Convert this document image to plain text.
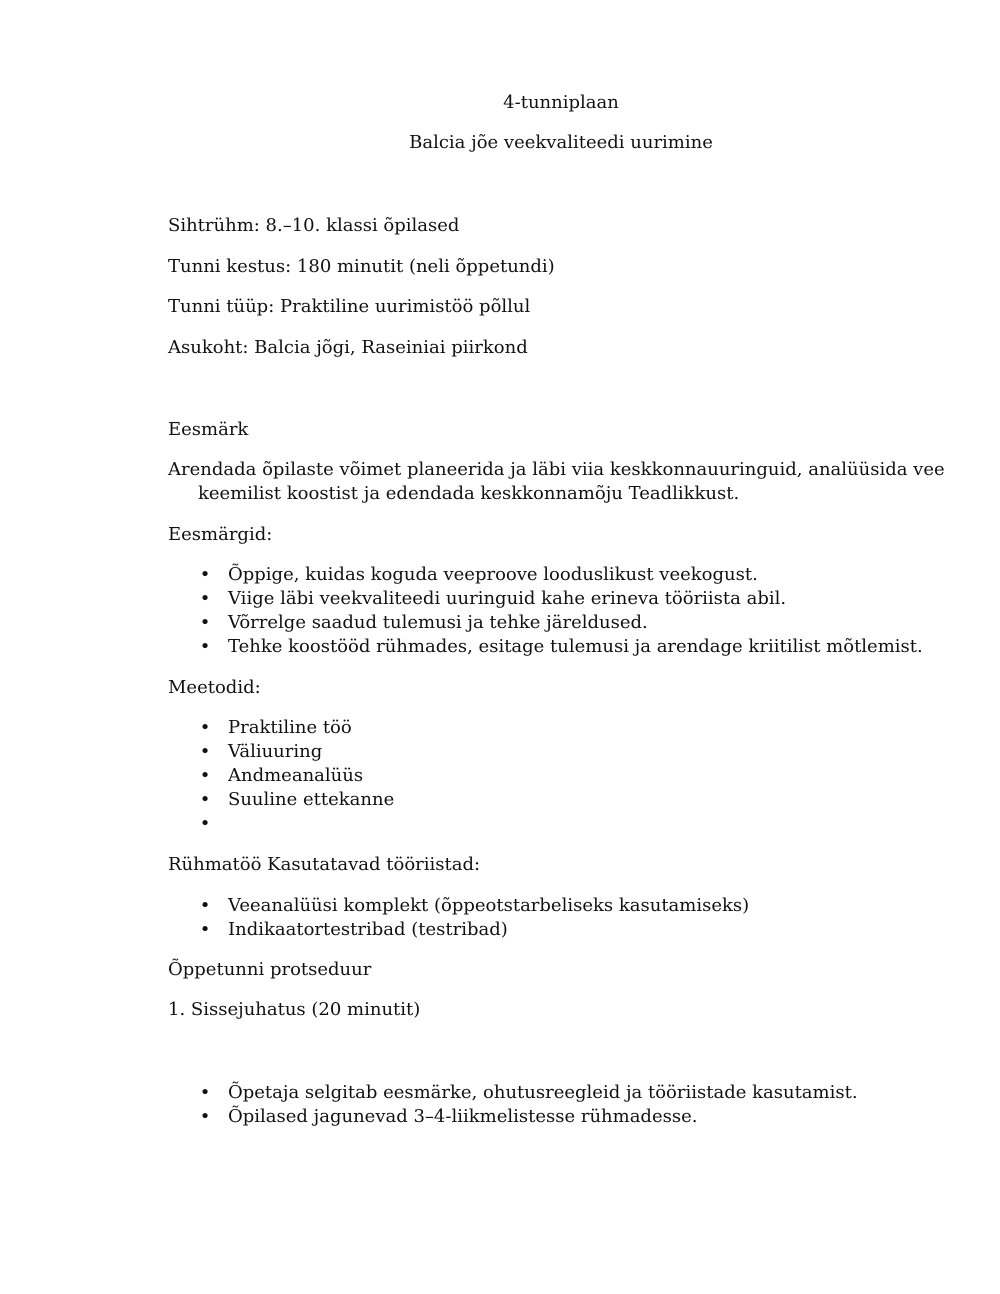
4-tunniplaan
Balcia jõe veekvaliteedi uurimine
Sihtrühm: 8.–10. klassi õpilased
Tunni kestus: 180 minutit (neli õppetundi)
Tunni tüüp: Praktiline uurimistöö põllul
Asukoht: Balcia jõgi, Raseiniai piirkond
Eesmärk
Arendada õpilaste võimet planeerida ja läbi viia keskkonnauuringuid, analüüsida vee keemilist koostist ja edendada keskkonnamõju Teadlikkust.
Eesmärgid:
• Õppige, kuidas koguda veeproove looduslikust veekogust.
• Viige läbi veekvaliteedi uuringuid kahe erineva tööriista abil.
• Võrrelge saadud tulemusi ja tehke järeldused.
• Tehke koostööd rühmades, esitage tulemusi ja arendage kriitilist mõtlemist.
Meetodid:
• Praktiline töö
• Väliuuring
• Andmeanalüüs
• Suuline ettekanne
•
Rühmatöö Kasutatavad tööriistad:
• Veeanalüüsi komplekt (õppeotstarbeliseks kasutamiseks)
• Indikaatortestribad (testribad)
Õppetunni protseduur
1. Sissejuhatus (20 minutit)
• Õpetaja selgitab eesmärke, ohutusreegleid ja tööriistade kasutamist.
• Õpilased jagunevad 3–4-liikmelistesse rühmadesse.
